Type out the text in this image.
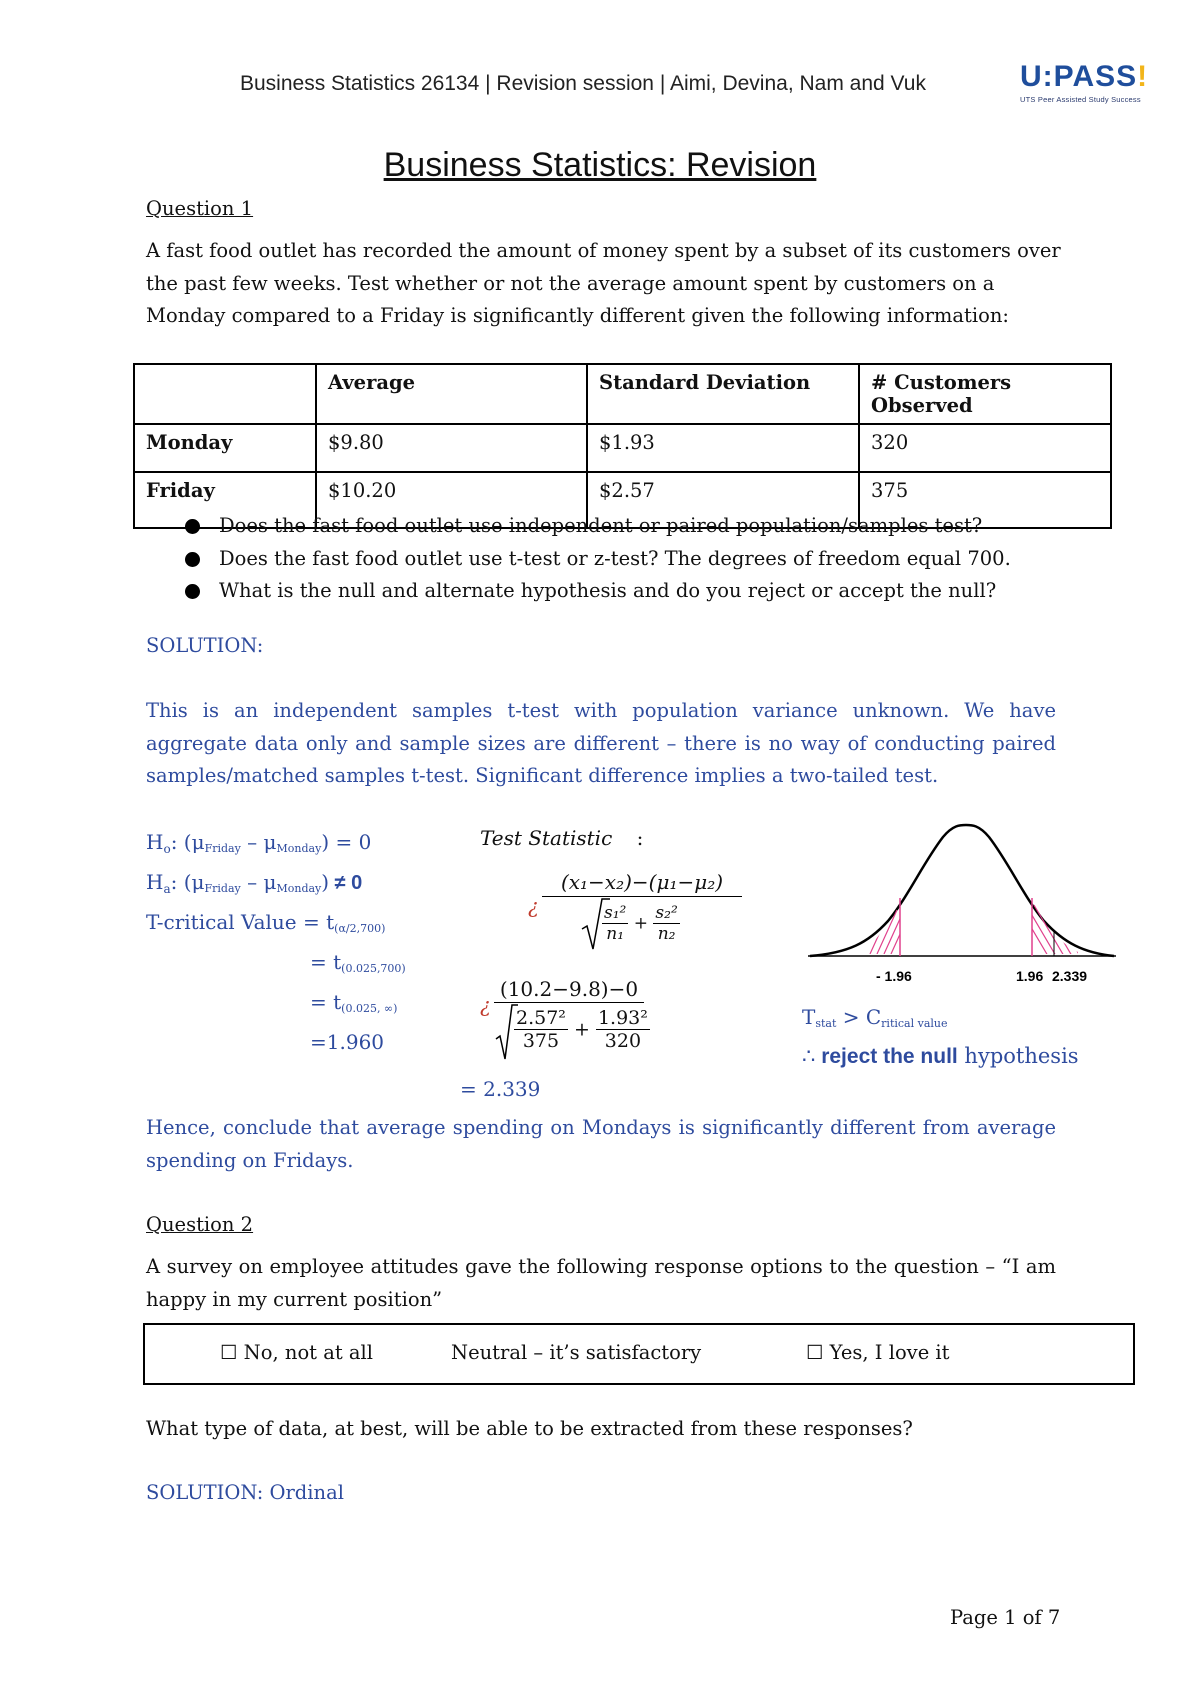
Business Statistics 26134 | Revision session | Aimi, Devina, Nam and Vuk	U:PASS!
UTS Peer Assisted Study Success
Business Statistics: Revision
Question 1
A fast food outlet has recorded the amount of money spent by a subset of its customers over the past few weeks. Test whether or not the average amount spent by customers on a Monday compared to a Friday is significantly different given the following information:
	Average	Standard Deviation	# Customers Observed
Monday	$9.80	$1.93	320
Friday	$10.20	$2.57	375
Does the fast food outlet use independent or paired population/samples test?
Does the fast food outlet use t-test or z-test? The degrees of freedom equal 700.
What is the null and alternate hypothesis and do you reject or accept the null?
SOLUTION:
This is an independent samples t-test with population variance unknown. We have aggregate data only and sample sizes are different – there is no way of conducting paired samples/matched samples t-test. Significant difference implies a two-tailed test.
$H_o$: (μFriday – μMonday) = 0
$H_a$: (μFriday – μMonday) ≠ 0
T-critical Value = t(α/2,700)
= t(0.025,700)
= t(0.025, ∞)
=1.960
Test Statistic :
¿
(x₁−x₂)−(μ₁−μ₂)
$\frac{\text{s₁²}}{\text{n₁}} + \frac{\text{s₂²}}{\text{n₂}}$
¿
(10.2−9.8)−0
$\frac{\text{2.57²}}{375} + \frac{\text{1.93²}}{320}$
= 2.339
- 1.96	1.96 2.339
Tstat > Critical value
∴ reject the null hypothesis
Hence, conclude that average spending on Mondays is significantly different from average spending on Fridays.
Question 2
A survey on employee attitudes gave the following response options to the question – “I am happy in my current position”
☐ No, not at all	Neutral – it’s satisfactory	☐ Yes, I love it
What type of data, at best, will be able to be extracted from these responses?
SOLUTION: Ordinal
Page 1 of 7
